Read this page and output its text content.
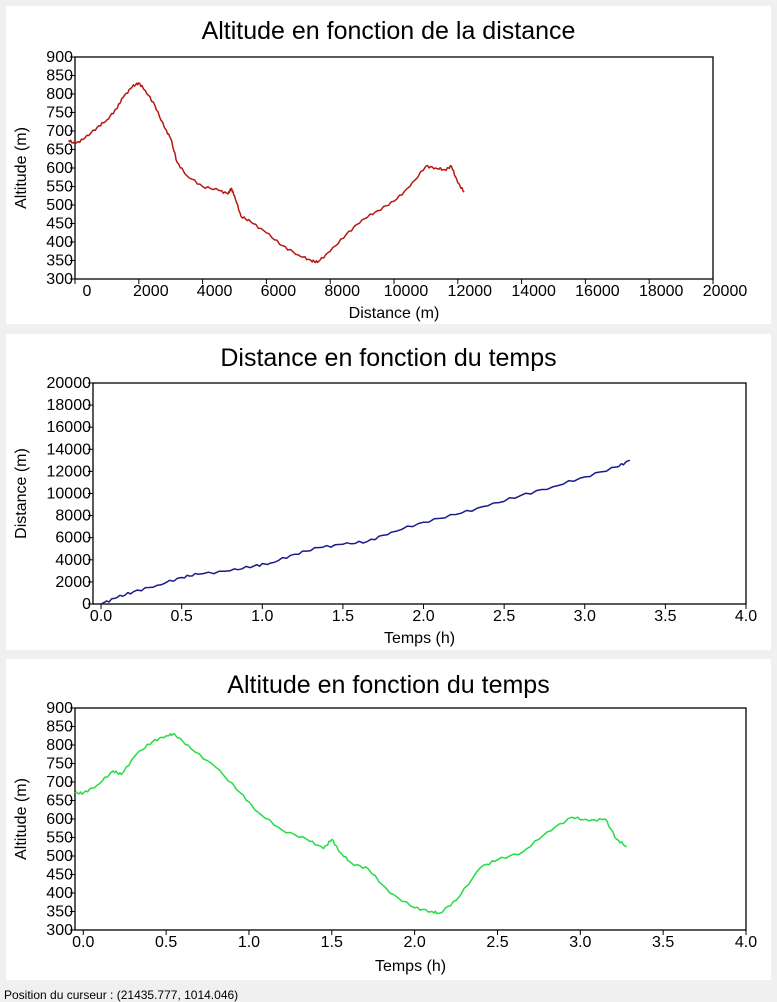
Altitude en fonction de la distance
300
350
400
450
500
550
600
650
700
750
800
850
900
0	2000 4000 6000 8000 10000 12000 14000 16000 18000 20000
Distance (m)
Altitude (m)
Distance en fonction du temps
0
2000
4000
6000
8000
10000
12000
14000
16000
18000
20000
0.0	0.5	1.0	1.5	2.0	2.5	3.0	3.5	4.0
Temps (h)
Distance (m)
Altitude en fonction du temps
300
350
400
450
500
550
600
650
700
750
800
850
900
0.0	0.5	1.0	1.5	2.0	2.5	3.0	3.5	4.0
Temps (h)
Altitude (m)
Position du curseur : (21435.777, 1014.046)
